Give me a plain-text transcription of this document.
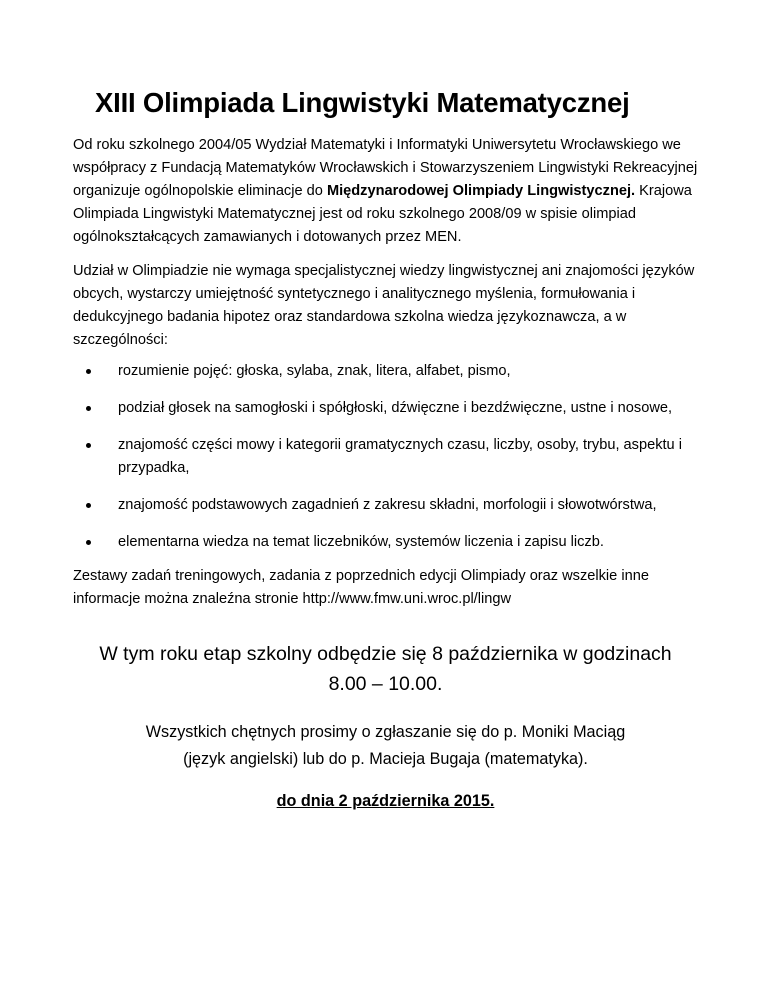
XIII Olimpiada Lingwistyki Matematycznej

Od roku szkolnego 2004/05 Wydział Matematyki i Informatyki Uniwersytetu Wrocławskiego we współpracy z Fundacją Matematyków Wrocławskich i Stowarzyszeniem Lingwistyki Rekreacyjnej organizuje ogólnopolskie eliminacje do Międzynarodowej Olimpiady Lingwistycznej. Krajowa Olimpiada Lingwistyki Matematycznej jest od roku szkolnego 2008/09 w spisie olimpiad ogólnokształcących zamawianych i dotowanych przez MEN.

Udział w Olimpiadzie nie wymaga specjalistycznej wiedzy lingwistycznej ani znajomości języków obcych, wystarczy umiejętność syntetycznego i analitycznego myślenia, formułowania i dedukcyjnego badania hipotez oraz standardowa szkolna wiedza językoznawcza, a w szczególności:

rozumienie pojęć: głoska, sylaba, znak, litera, alfabet, pismo,
podział głosek na samogłoski i spółgłoski, dźwięczne i bezdźwięczne, ustne i nosowe,
znajomość części mowy i kategorii gramatycznych czasu, liczby, osoby, trybu, aspektu i przypadka,
znajomość podstawowych zagadnień z zakresu składni, morfologii i słowotwórstwa,
elementarna wiedza na temat liczebników, systemów liczenia i zapisu liczb.

Zestawy zadań treningowych, zadania z poprzednich edycji Olimpiady oraz wszelkie inne informacje można znaleźna stronie http://www.fmw.uni.wroc.pl/lingw

W tym roku etap szkolny odbędzie się 8 października w godzinach
8.00 – 10.00.
Wszystkich chętnych prosimy o zgłaszanie się do p. Moniki Maciąg
(język angielski) lub do p. Macieja Bugaja (matematyka).
do dnia 2 października 2015.
